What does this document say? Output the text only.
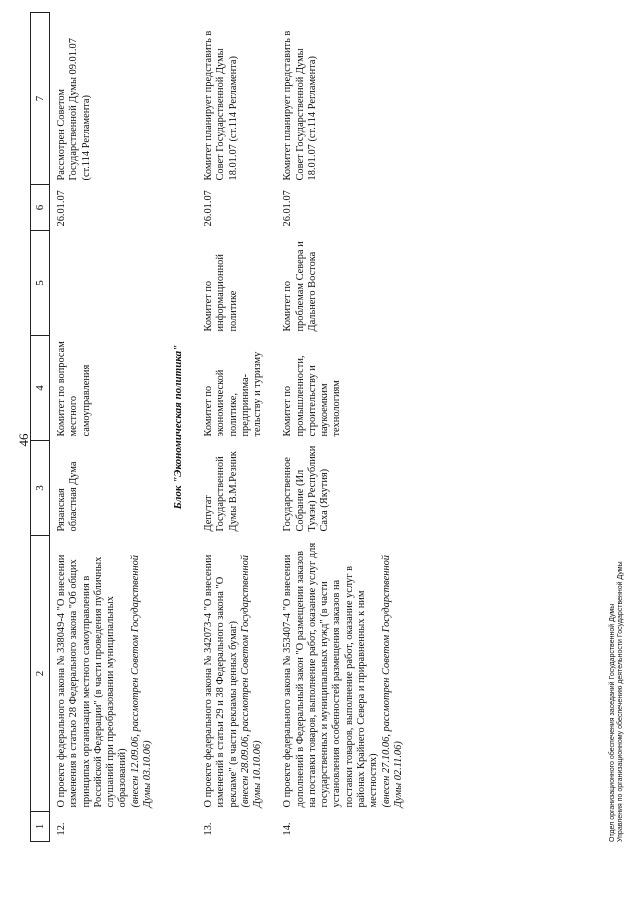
46
1	2	3	4	5	6	7
12.	О проекте федерального закона № 338049-4 "О внесении изменения в статью 28 Федерального закона "Об общих принципах организации местного самоуправления в Российской Федерации" (в части проведения публичных слушаний при преобразовании муниципальных образований) (внесен 12.09.06, рассмотрен Советом Государственной Думы 03.10.06)	Рязанская областная Дума	Комитет по вопросам местного самоуправления		26.01.07	Рассмотрен Советом Государственной Думы 09.01.07 (ст.114 Регламента)
Блок "Экономическая политика"						
13.	О проекте федерального закона № 342073-4 "О внесении изменений в статьи 29 и 38 Федерального закона "О рекламе" (в части рекламы ценных бумаг) (внесен 28.09.06, рассмотрен Советом Государственной Думы 10.10.06)	Депутат Государственной Думы В.М.Резник	Комитет по экономической политике, предпринима-тельству и туризму	Комитет по информационной политике	26.01.07	Комитет планирует представить в Совет Государственной Думы 18.01.07 (ст.114 Регламента)
14.	О проекте федерального закона № 353407-4 "О внесении дополнений в Федеральный закон "О размещении заказов на поставки товаров, выполнение работ, оказание услуг для государственных и муниципальных нужд" (в части установления особенностей размещения заказов на поставки товаров, выполнение работ, оказание услуг в районах Крайнего Севера и приравненных к ним местностях) (внесен 27.10.06, рассмотрен Советом Государственной Думы 02.11.06)	Государственное Собрание (Ил Тумэн) Республики Саха (Якутия)	Комитет по промышленности, строительству и наукоемким технологиям	Комитет по проблемам Севера и Дальнего Востока	26.01.07	Комитет планирует представить в Совет Государственной Думы 18.01.07 (ст.114 Регламента)
Отдел организационного обеспечения заседаний Государственной Думы Управления по организационному обеспечению деятельности Государственной Думы
